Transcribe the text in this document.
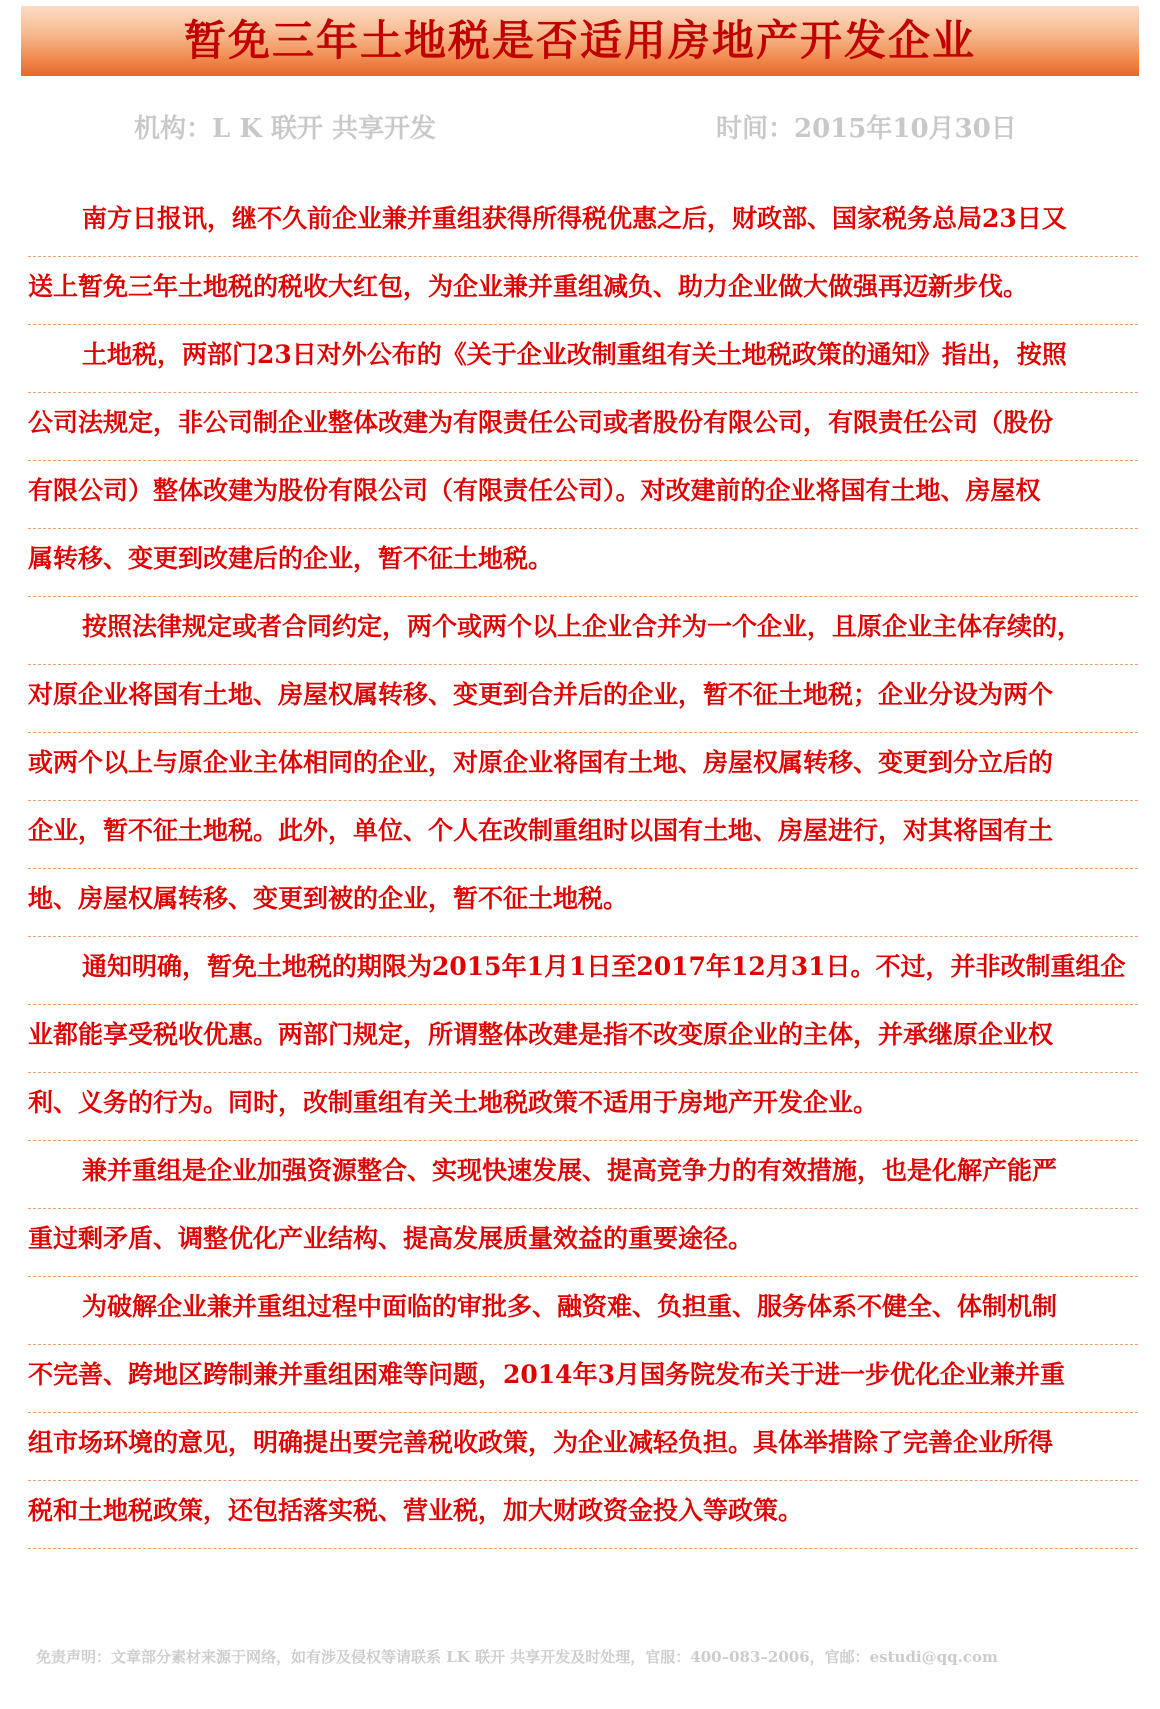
暂免三年土地税是否适用房地产开发企业
机构：L K 联开 共享开发	时间：2015年10月30日
南方日报讯，继不久前企业兼并重组获得所得税优惠之后，财政部、国家税务总局23日又
送上暂免三年土地税的税收大红包，为企业兼并重组减负、助力企业做大做强再迈新步伐。
土地税，两部门23日对外公布的《关于企业改制重组有关土地税政策的通知》指出，按照
公司法规定，非公司制企业整体改建为有限责任公司或者股份有限公司，有限责任公司（股份
有限公司）整体改建为股份有限公司（有限责任公司）。对改建前的企业将国有土地、房屋权
属转移、变更到改建后的企业，暂不征土地税。
按照法律规定或者合同约定，两个或两个以上企业合并为一个企业，且原企业主体存续的，
对原企业将国有土地、房屋权属转移、变更到合并后的企业，暂不征土地税；企业分设为两个
或两个以上与原企业主体相同的企业，对原企业将国有土地、房屋权属转移、变更到分立后的
企业，暂不征土地税。此外，单位、个人在改制重组时以国有土地、房屋进行，对其将国有土
地、房屋权属转移、变更到被的企业，暂不征土地税。
通知明确，暂免土地税的期限为2015年1月1日至2017年12月31日。不过，并非改制重组企
业都能享受税收优惠。两部门规定，所谓整体改建是指不改变原企业的主体，并承继原企业权
利、义务的行为。同时，改制重组有关土地税政策不适用于房地产开发企业。
兼并重组是企业加强资源整合、实现快速发展、提高竞争力的有效措施，也是化解产能严
重过剩矛盾、调整优化产业结构、提高发展质量效益的重要途径。
为破解企业兼并重组过程中面临的审批多、融资难、负担重、服务体系不健全、体制机制
不完善、跨地区跨制兼并重组困难等问题，2014年3月国务院发布关于进一步优化企业兼并重
组市场环境的意见，明确提出要完善税收政策，为企业减轻负担。具体举措除了完善企业所得
税和土地税政策，还包括落实税、营业税，加大财政资金投入等政策。
免责声明：文章部分素材来源于网络，如有涉及侵权等请联系 LK 联开 共享开发及时处理，官服：400–083–2006，官邮：estudi@qq.com
